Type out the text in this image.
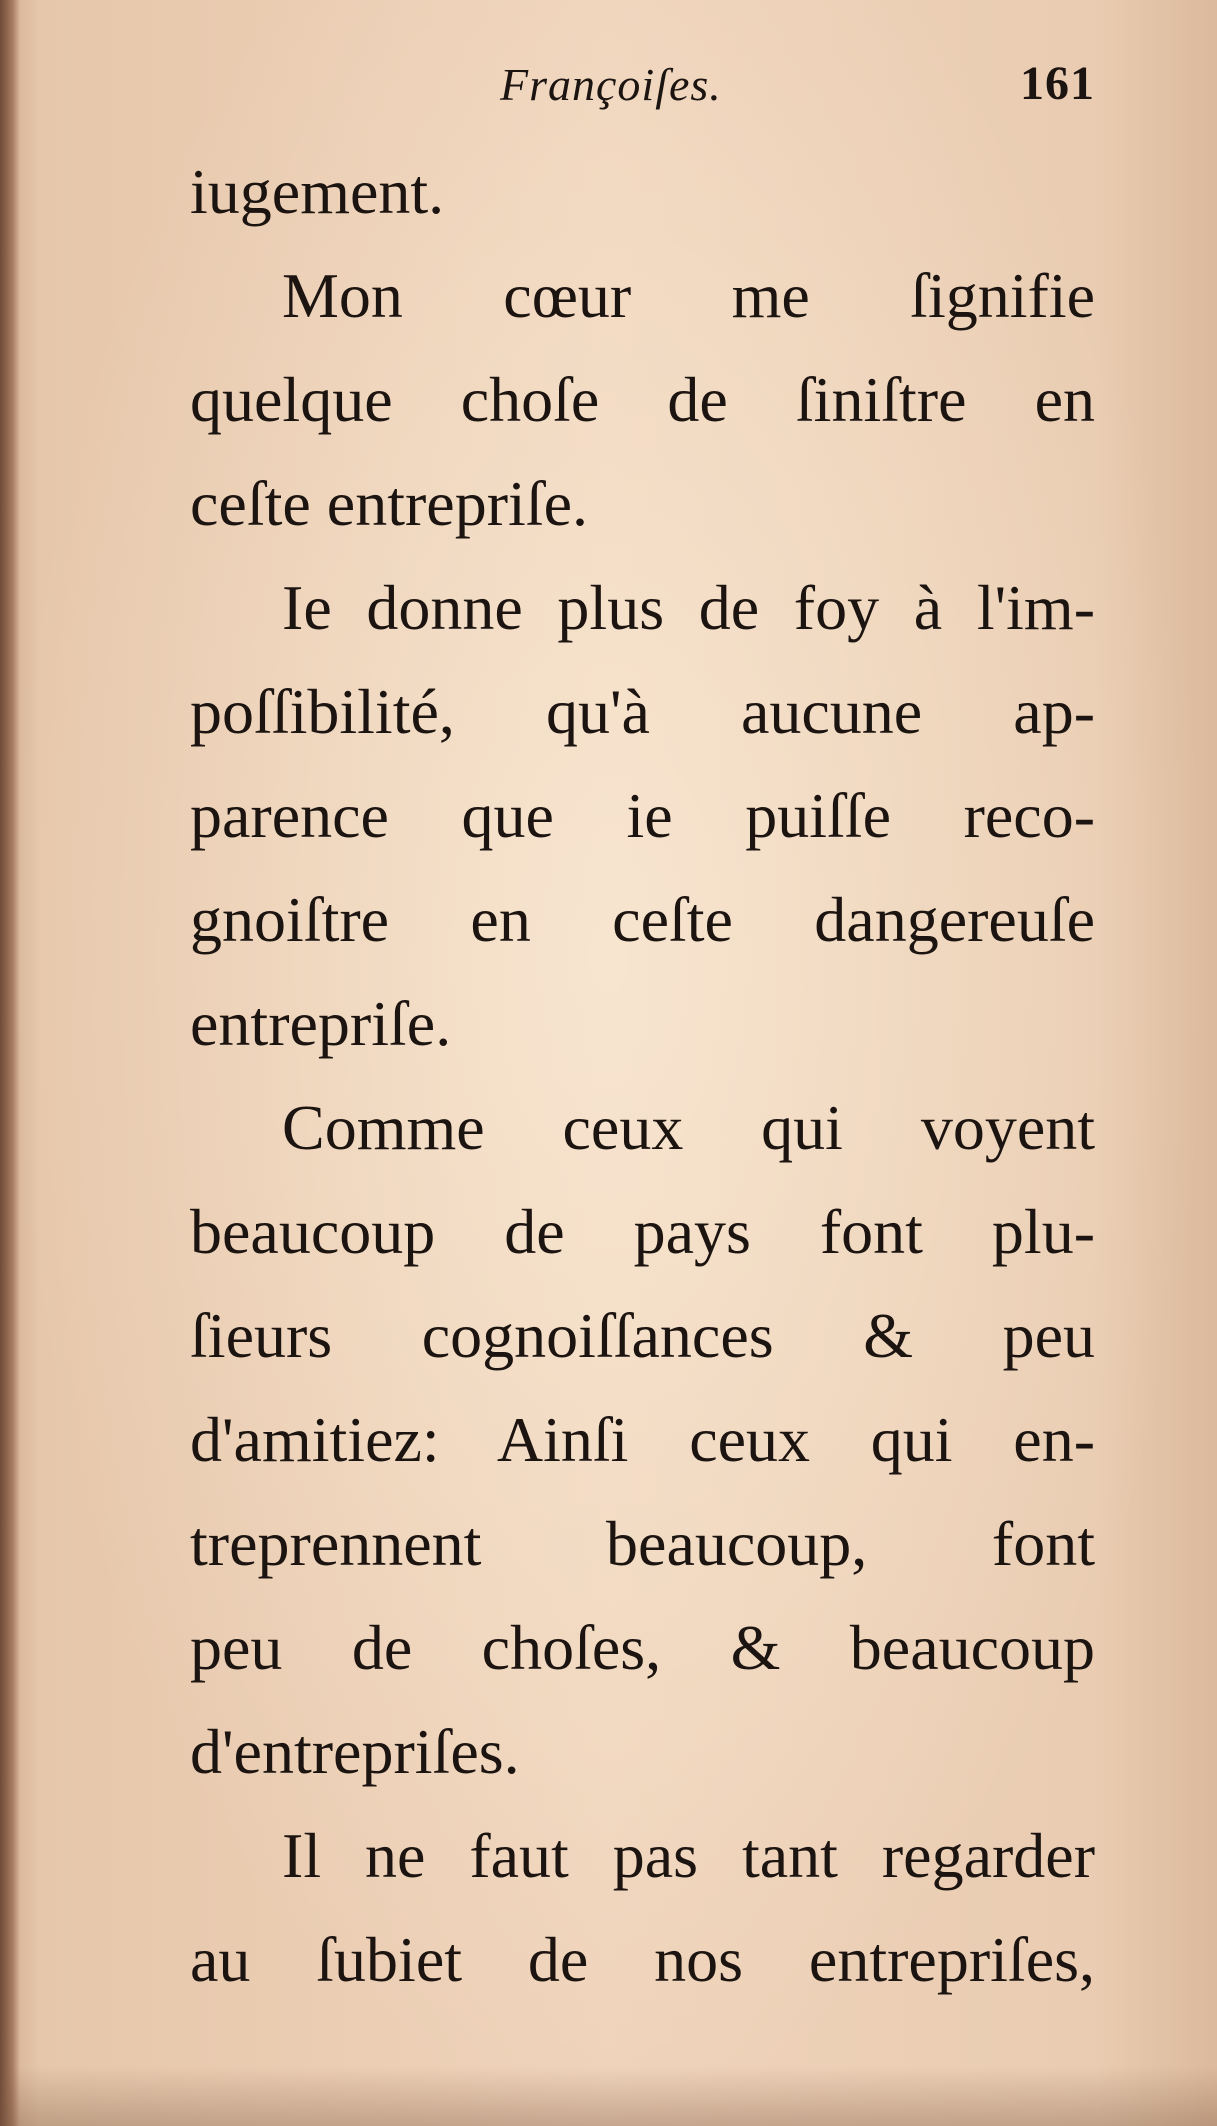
Françoiſes.	161
iugement.
Mon cœur me ſignifie
quelque choſe de ſiniſtre en
ceſte entrepriſe.
Ie donne plus de foy à l'im-
poſſibilité, qu'à aucune ap-
parence que ie puiſſe reco-
gnoiſtre en ceſte dangereuſe
entrepriſe.
Comme ceux qui voyent
beaucoup de pays font plu-
ſieurs cognoiſſances & peu
d'amitiez: Ainſi ceux qui en-
treprennent beaucoup, font
peu de choſes, & beaucoup
d'entrepriſes.
Il ne faut pas tant regarder
au ſubiet de nos entrepriſes,
